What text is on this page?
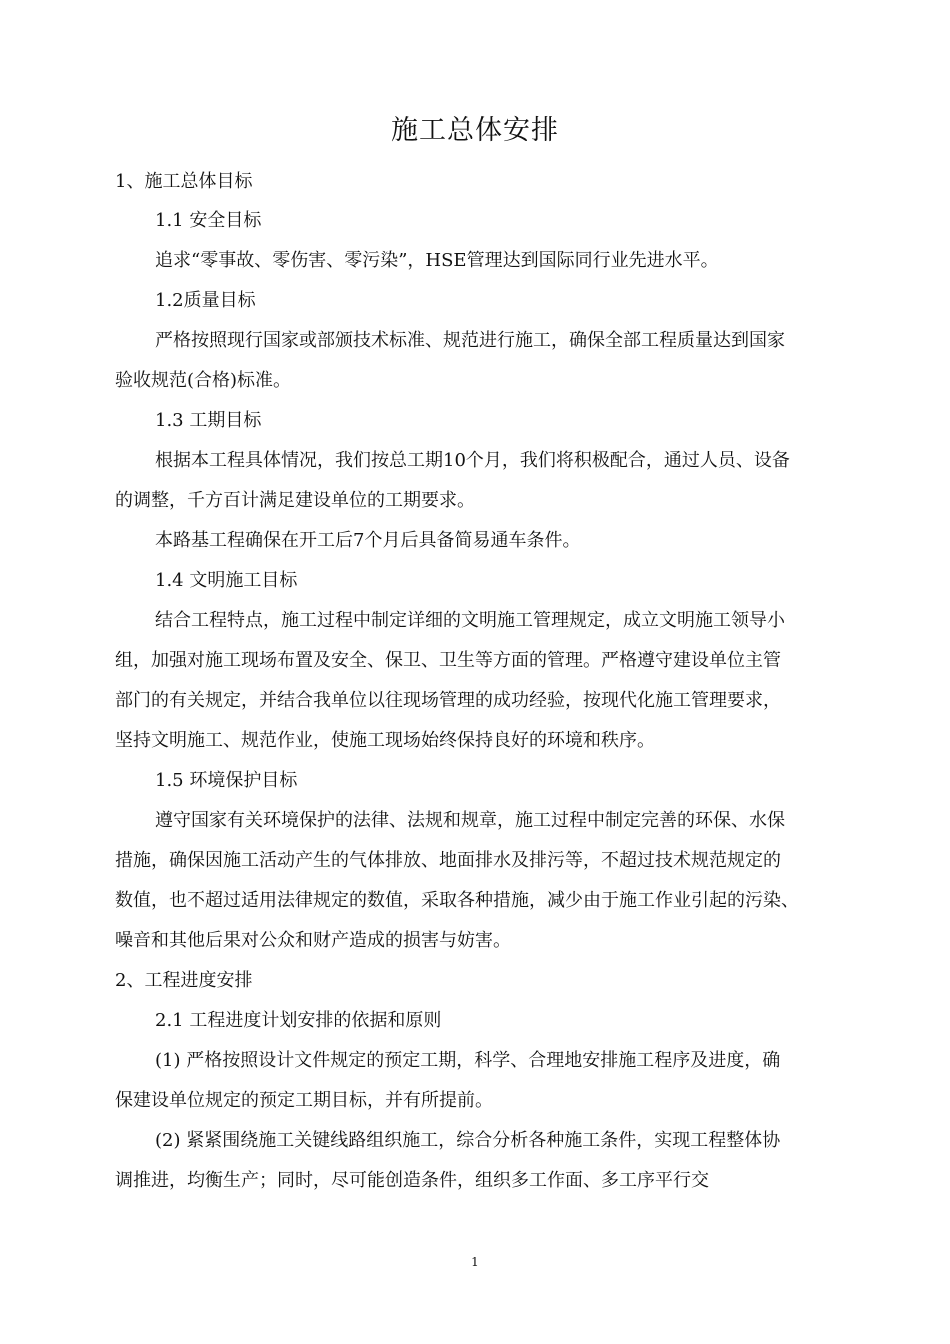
施工总体安排
1、施工总体目标
1.1 安全目标
追求“零事故、零伤害、零污染”，HSE管理达到国际同行业先进水平。
1.2质量目标
严格按照现行国家或部颁技术标准、规范进行施工，确保全部工程质量达到国家
验收规范(合格)标准。
1.3 工期目标
根据本工程具体情况，我们按总工期10个月，我们将积极配合，通过人员、设备
的调整，千方百计满足建设单位的工期要求。
本路基工程确保在开工后7个月后具备简易通车条件。
1.4 文明施工目标
结合工程特点，施工过程中制定详细的文明施工管理规定，成立文明施工领导小
组，加强对施工现场布置及安全、保卫、卫生等方面的管理。严格遵守建设单位主管
部门的有关规定，并结合我单位以往现场管理的成功经验，按现代化施工管理要求，
坚持文明施工、规范作业，使施工现场始终保持良好的环境和秩序。
1.5 环境保护目标
遵守国家有关环境保护的法律、法规和规章，施工过程中制定完善的环保、水保
措施，确保因施工活动产生的气体排放、地面排水及排污等，不超过技术规范规定的
数值，也不超过适用法律规定的数值，采取各种措施，减少由于施工作业引起的污染、
噪音和其他后果对公众和财产造成的损害与妨害。
2、工程进度安排
2.1 工程进度计划安排的依据和原则
(1) 严格按照设计文件规定的预定工期，科学、合理地安排施工程序及进度，确
保建设单位规定的预定工期目标，并有所提前。
(2) 紧紧围绕施工关键线路组织施工，综合分析各种施工条件，实现工程整体协
调推进，均衡生产；同时，尽可能创造条件，组织多工作面、多工序平行交
1
